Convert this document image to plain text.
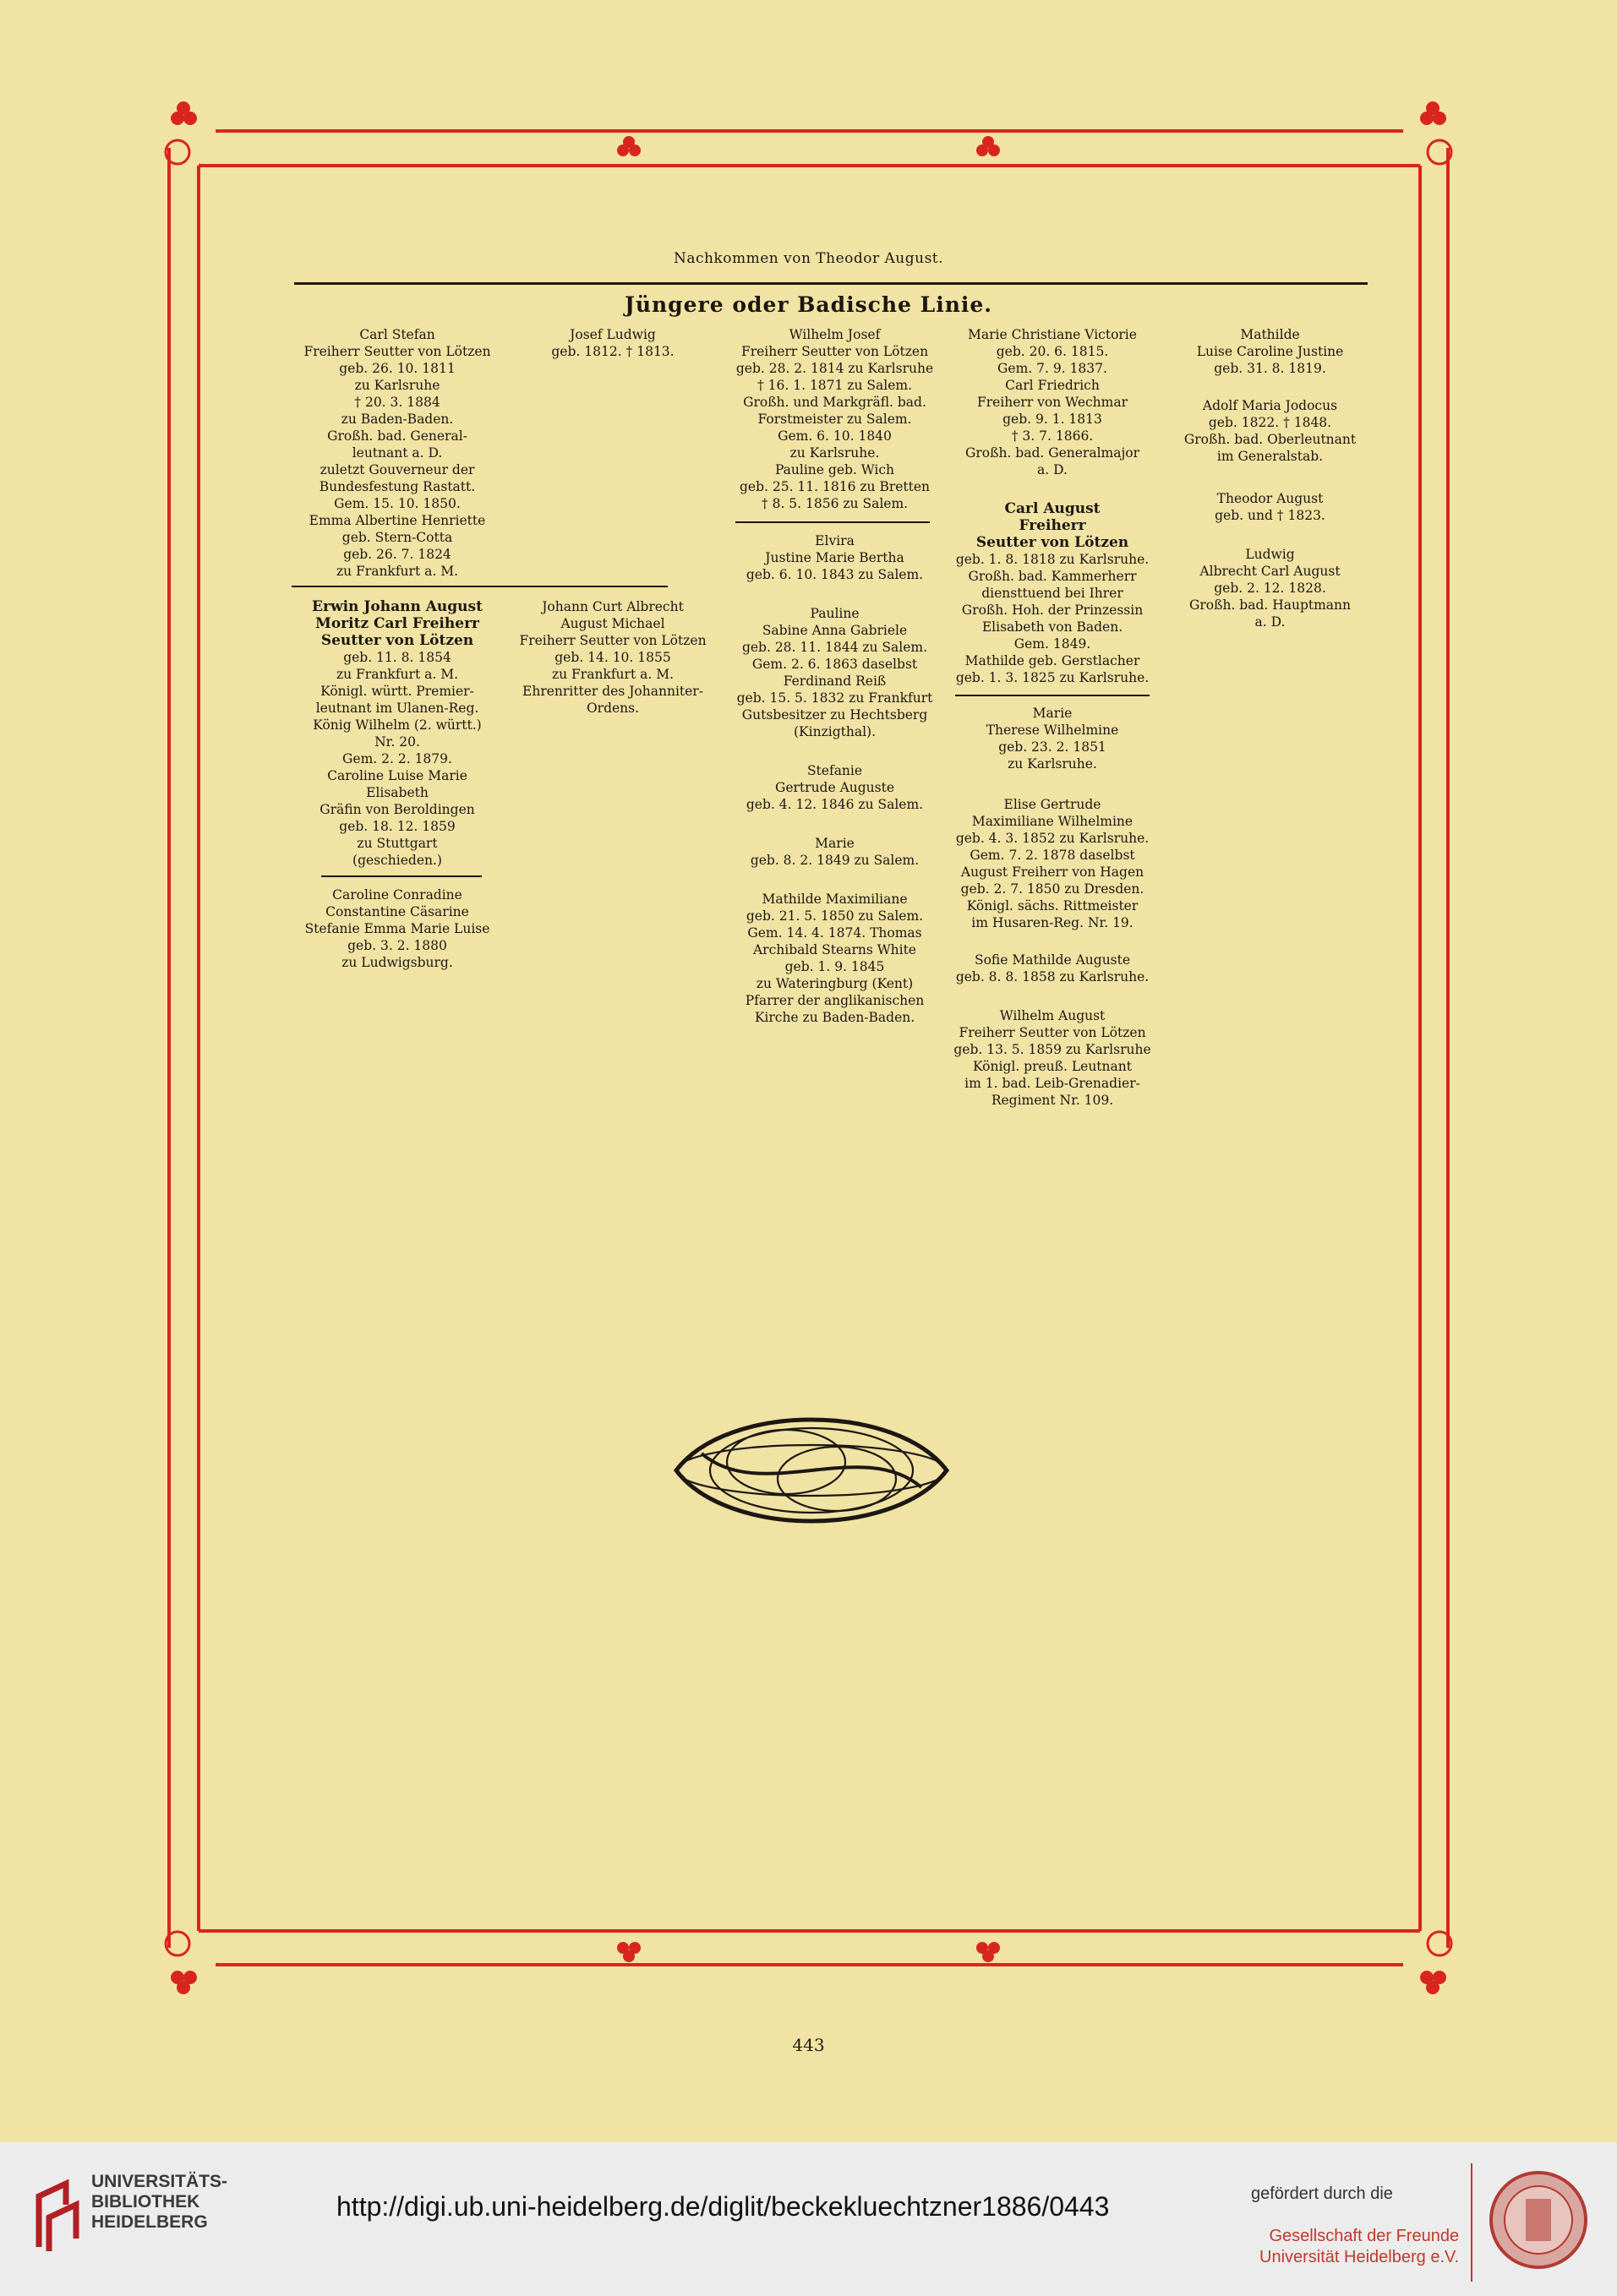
Nachkommen von Theodor August.
Jüngere oder Badische Linie.
Carl Stefan
Freiherr Seutter von Lötzen
geb. 26. 10. 1811
zu Karlsruhe
† 20. 3. 1884
zu Baden-Baden.
Großh. bad. General-
leutnant a. D.
zuletzt Gouverneur der
Bundesfestung Rastatt.
Gem. 15. 10. 1850.
Emma Albertine Henriette
geb. Stern-Cotta
geb. 26. 7. 1824
zu Frankfurt a. M.
Erwin Johann August
Moritz Carl Freiherr
Seutter von Lötzen
geb. 11. 8. 1854
zu Frankfurt a. M.
Königl. württ. Premier-
leutnant im Ulanen-Reg.
König Wilhelm (2. württ.)
Nr. 20.
Gem. 2. 2. 1879.
Caroline Luise Marie
Elisabeth
Gräfin von Beroldingen
geb. 18. 12. 1859
zu Stuttgart
(geschieden.)
Caroline Conradine
Constantine Cäsarine
Stefanie Emma Marie Luise
geb. 3. 2. 1880
zu Ludwigsburg.
Josef Ludwig
geb. 1812. † 1813.
Johann Curt Albrecht
August Michael
Freiherr Seutter von Lötzen
geb. 14. 10. 1855
zu Frankfurt a. M.
Ehrenritter des Johanniter-
Ordens.
Wilhelm Josef
Freiherr Seutter von Lötzen
geb. 28. 2. 1814 zu Karlsruhe
† 16. 1. 1871 zu Salem.
Großh. und Markgräfl. bad.
Forstmeister zu Salem.
Gem. 6. 10. 1840
zu Karlsruhe.
Pauline geb. Wich
geb. 25. 11. 1816 zu Bretten
† 8. 5. 1856 zu Salem.
Elvira
Justine Marie Bertha
geb. 6. 10. 1843 zu Salem.
Pauline
Sabine Anna Gabriele
geb. 28. 11. 1844 zu Salem.
Gem. 2. 6. 1863 daselbst
Ferdinand Reiß
geb. 15. 5. 1832 zu Frankfurt
Gutsbesitzer zu Hechtsberg
(Kinzigthal).
Stefanie
Gertrude Auguste
geb. 4. 12. 1846 zu Salem.
Marie
geb. 8. 2. 1849 zu Salem.
Mathilde Maximiliane
geb. 21. 5. 1850 zu Salem.
Gem. 14. 4. 1874. Thomas
Archibald Stearns White
geb. 1. 9. 1845
zu Wateringburg (Kent)
Pfarrer der anglikanischen
Kirche zu Baden-Baden.
Marie Christiane Victorie
geb. 20. 6. 1815.
Gem. 7. 9. 1837.
Carl Friedrich
Freiherr von Wechmar
geb. 9. 1. 1813
† 3. 7. 1866.
Großh. bad. Generalmajor
a. D.
Carl August
Freiherr
Seutter von Lötzen
geb. 1. 8. 1818 zu Karlsruhe.
Großh. bad. Kammerherr
diensttuend bei Ihrer
Großh. Hoh. der Prinzessin
Elisabeth von Baden.
Gem. 1849.
Mathilde geb. Gerstlacher
geb. 1. 3. 1825 zu Karlsruhe.
Marie
Therese Wilhelmine
geb. 23. 2. 1851
zu Karlsruhe.
Elise Gertrude
Maximiliane Wilhelmine
geb. 4. 3. 1852 zu Karlsruhe.
Gem. 7. 2. 1878 daselbst
August Freiherr von Hagen
geb. 2. 7. 1850 zu Dresden.
Königl. sächs. Rittmeister
im Husaren-Reg. Nr. 19.
Sofie Mathilde Auguste
geb. 8. 8. 1858 zu Karlsruhe.
Wilhelm August
Freiherr Seutter von Lötzen
geb. 13. 5. 1859 zu Karlsruhe
Königl. preuß. Leutnant
im 1. bad. Leib-Grenadier-
Regiment Nr. 109.
Mathilde
Luise Caroline Justine
geb. 31. 8. 1819.
Adolf Maria Jodocus
geb. 1822. † 1848.
Großh. bad. Oberleutnant
im Generalstab.
Theodor August
geb. und † 1823.
Ludwig
Albrecht Carl August
geb. 2. 12. 1828.
Großh. bad. Hauptmann
a. D.
443
UNIVERSITÄTS-
BIBLIOTHEK
HEIDELBERG
http://digi.ub.uni-heidelberg.de/diglit/beckekluechtzner1886/0443	gefördert durch die
Gesellschaft der Freunde
Universität Heidelberg e.V.
